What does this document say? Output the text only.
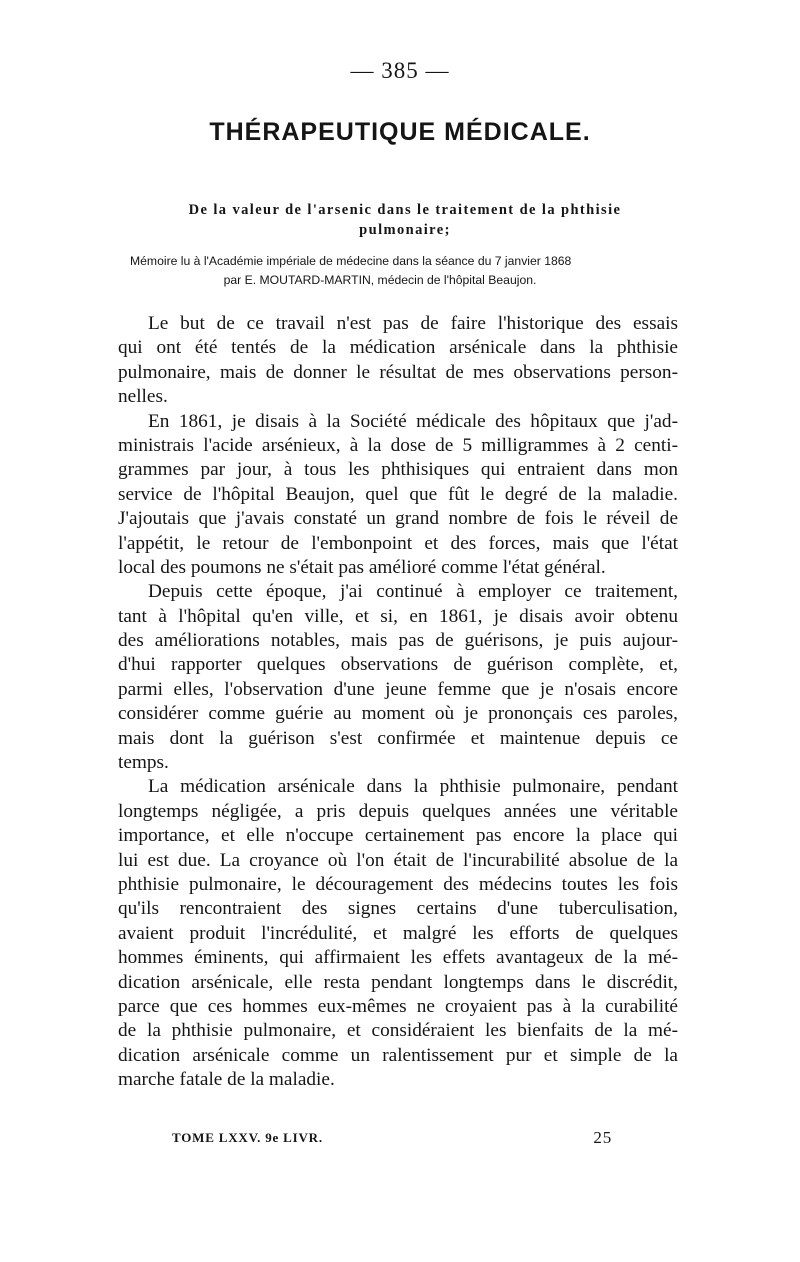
— 385 —
THÉRAPEUTIQUE MÉDICALE.
De la valeur de l'arsenic dans le traitement de la phthisie
pulmonaire;
Mémoire lu à l'Académie impériale de médecine dans la séance du 7 janvier 1868
par E. MOUTARD-MARTIN, médecin de l'hôpital Beaujon.

Le but de ce travail n'est pas de faire l'historique des essais
qui ont été tentés de la médication arsénicale dans la phthisie
pulmonaire, mais de donner le résultat de mes observations person-
nelles.

En 1861, je disais à la Société médicale des hôpitaux que j'ad-
ministrais l'acide arsénieux, à la dose de 5 milligrammes à 2 centi-
grammes par jour, à tous les phthisiques qui entraient dans mon
service de l'hôpital Beaujon, quel que fût le degré de la maladie.
J'ajoutais que j'avais constaté un grand nombre de fois le réveil de
l'appétit, le retour de l'embonpoint et des forces, mais que l'état
local des poumons ne s'était pas amélioré comme l'état général.

Depuis cette époque, j'ai continué à employer ce traitement,
tant à l'hôpital qu'en ville, et si, en 1861, je disais avoir obtenu
des améliorations notables, mais pas de guérisons, je puis aujour-
d'hui rapporter quelques observations de guérison complète, et,
parmi elles, l'observation d'une jeune femme que je n'osais encore
considérer comme guérie au moment où je prononçais ces paroles,
mais dont la guérison s'est confirmée et maintenue depuis ce
temps.

La médication arsénicale dans la phthisie pulmonaire, pendant
longtemps négligée, a pris depuis quelques années une véritable
importance, et elle n'occupe certainement pas encore la place qui
lui est due. La croyance où l'on était de l'incurabilité absolue de la
phthisie pulmonaire, le découragement des médecins toutes les fois
qu'ils rencontraient des signes certains d'une tuberculisation,
avaient produit l'incrédulité, et malgré les efforts de quelques
hommes éminents, qui affirmaient les effets avantageux de la mé-
dication arsénicale, elle resta pendant longtemps dans le discrédit,
parce que ces hommes eux-mêmes ne croyaient pas à la curabilité
de la phthisie pulmonaire, et considéraient les bienfaits de la mé-
dication arsénicale comme un ralentissement pur et simple de la
marche fatale de la maladie.

TOME LXXV. 9e LIVR.	25
